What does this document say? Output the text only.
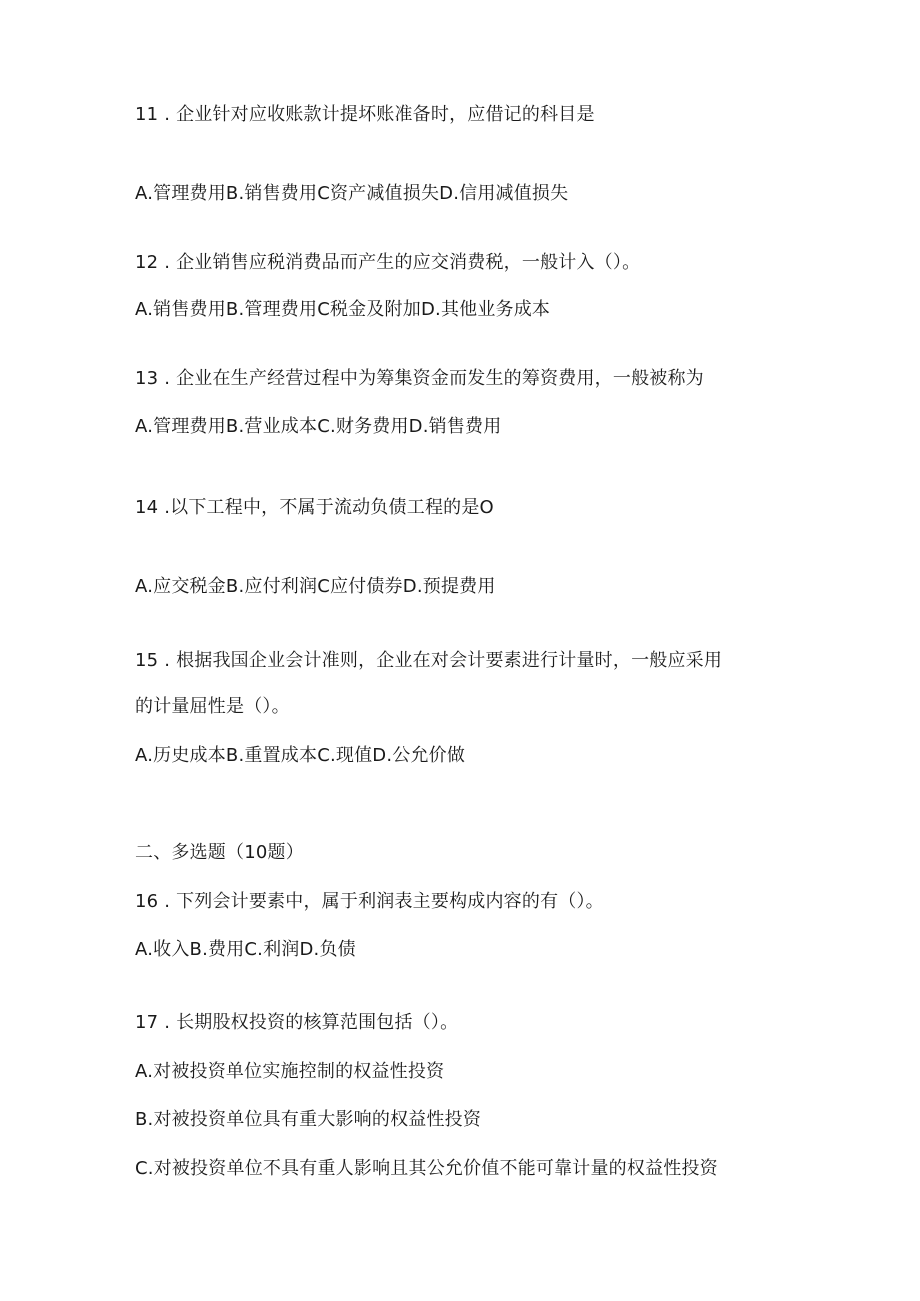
11 . 企业针对应收账款计提坏账准备时，应借记的科目是
A.管理费用B.销售费用C资产减值损失D.信用减值损失
12 . 企业销售应税消费品而产生的应交消费税，一般计入（）。
A.销售费用B.管理费用C税金及附加D.其他业务成本
13 . 企业在生产经营过程中为筹集资金而发生的筹资费用，一般被称为
A.管理费用B.营业成本C.财务费用D.销售费用
14 .以下工程中，不属于流动负债工程的是O
A.应交税金B.应付利润C应付债券D.预提费用
15 . 根据我国企业会计准则，企业在对会计要素进行计量时，一般应采用
的计量屈性是（）。
A.历史成本B.重置成本C.现值D.公允价做
二、多选题（10题）
16 . 下列会计要素中，属于利润表主要构成内容的有（）。
A.收入B.费用C.利润D.负债
17 . 长期股权投资的核算范围包括（）。
A.对被投资单位实施控制的权益性投资
B.对被投资单位具有重大影响的权益性投资
C.对被投资单位不具有重人影响且其公允价值不能可靠计量的权益性投资
